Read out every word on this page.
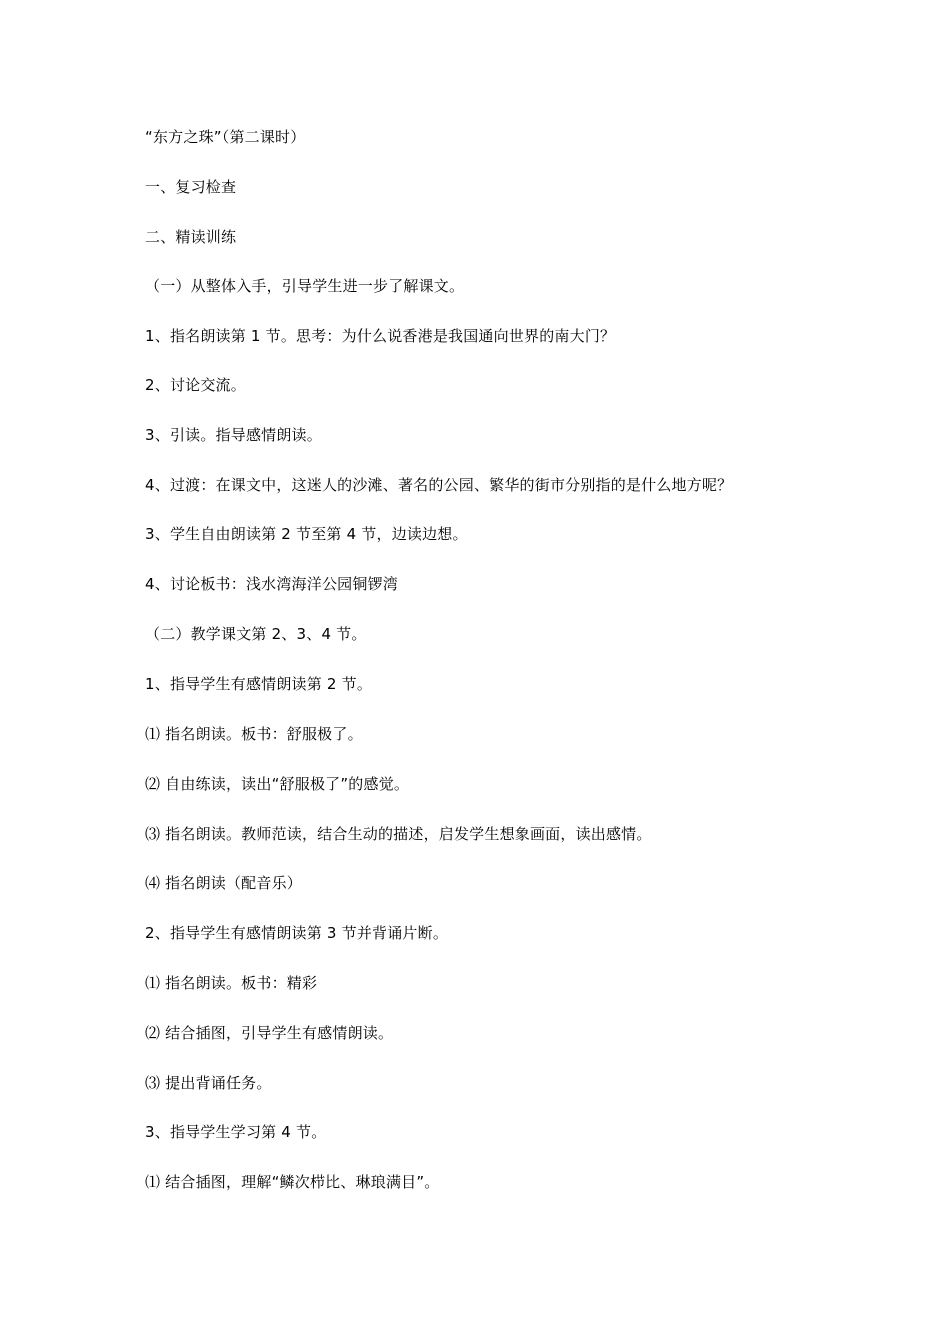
“东方之珠”（第二课时）
一、复习检查
二、精读训练
（一）从整体入手，引导学生进一步了解课文。
1、指名朗读第 1 节。思考：为什么说香港是我国通向世界的南大门？
2、讨论交流。
3、引读。指导感情朗读。
4、过渡：在课文中，这迷人的沙滩、著名的公园、繁华的街市分别指的是什么地方呢？
3、学生自由朗读第 2 节至第 4 节，边读边想。
4、讨论板书：浅水湾海洋公园铜锣湾
（二）教学课文第 2、3、4 节。
1、指导学生有感情朗读第 2 节。
⑴ 指名朗读。板书：舒服极了。
⑵ 自由练读，读出“舒服极了”的感觉。
⑶ 指名朗读。教师范读，结合生动的描述，启发学生想象画面，读出感情。
⑷ 指名朗读（配音乐）
2、指导学生有感情朗读第 3 节并背诵片断。
⑴ 指名朗读。板书：精彩
⑵ 结合插图，引导学生有感情朗读。
⑶ 提出背诵任务。
3、指导学生学习第 4 节。
⑴ 结合插图，理解“鳞次栉比、琳琅满目”。
